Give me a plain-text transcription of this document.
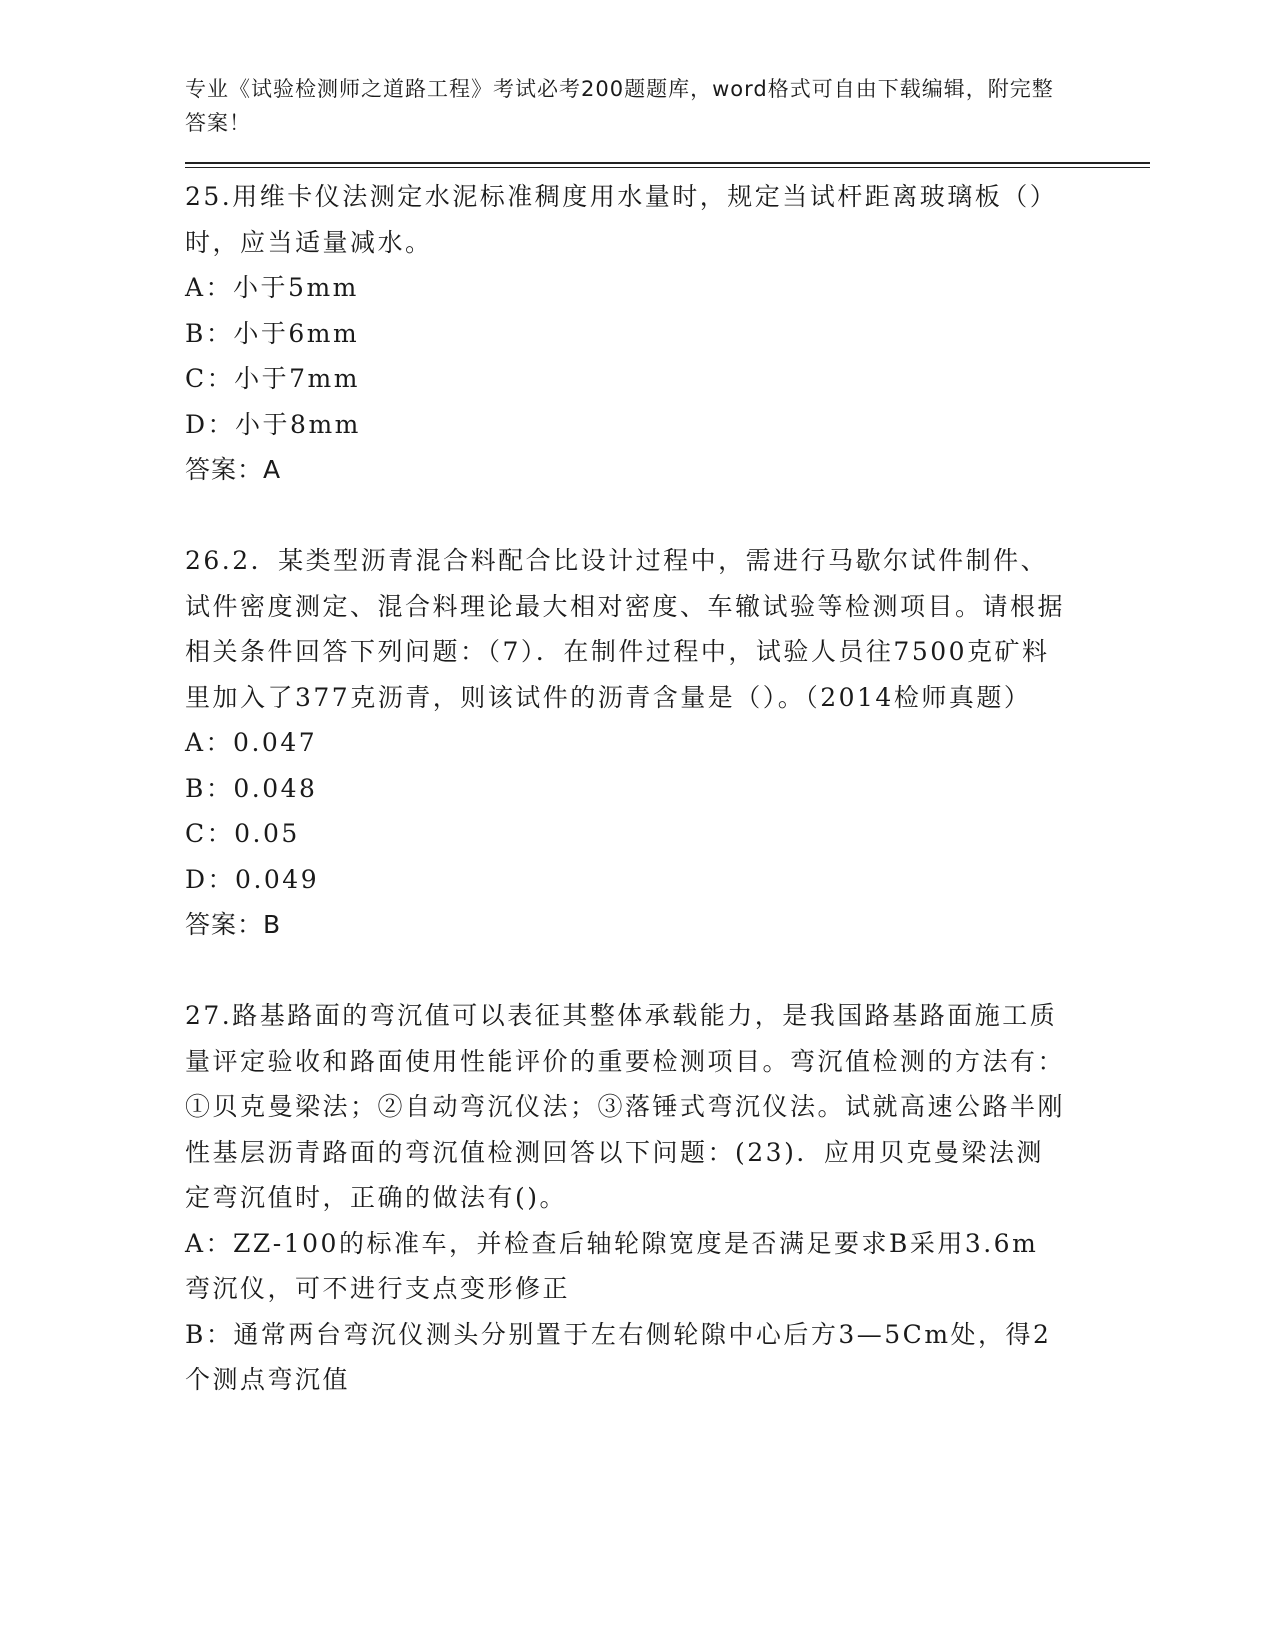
专业《试验检测师之道路工程》考试必考200题题库，word格式可自由下载编辑，附完整答案！
25.用维卡仪法测定水泥标准稠度用水量时，规定当试杆距离玻璃板（）时，应当适量减水。
A：小于5mm
B：小于6mm
C：小于7mm
D：小于8mm
答案：A
26.2．某类型沥青混合料配合比设计过程中，需进行马歇尔试件制件、试件密度测定、混合料理论最大相对密度、车辙试验等检测项目。请根据相关条件回答下列问题：（7）．在制件过程中，试验人员往7500克矿料里加入了377克沥青，则该试件的沥青含量是（）。（2014检师真题）
A：0.047
B：0.048
C：0.05
D：0.049
答案：B
27.路基路面的弯沉值可以表征其整体承载能力，是我国路基路面施工质量评定验收和路面使用性能评价的重要检测项目。弯沉值检测的方法有：①贝克曼梁法；②自动弯沉仪法；③落锤式弯沉仪法。试就高速公路半刚性基层沥青路面的弯沉值检测回答以下问题：(23)．应用贝克曼梁法测定弯沉值时，正确的做法有()。
A：ZZ-100的标准车，并检查后轴轮隙宽度是否满足要求B采用3.6m弯沉仪，可不进行支点变形修正
B：通常两台弯沉仪测头分别置于左右侧轮隙中心后方3—5Cm处，得2个测点弯沉值
